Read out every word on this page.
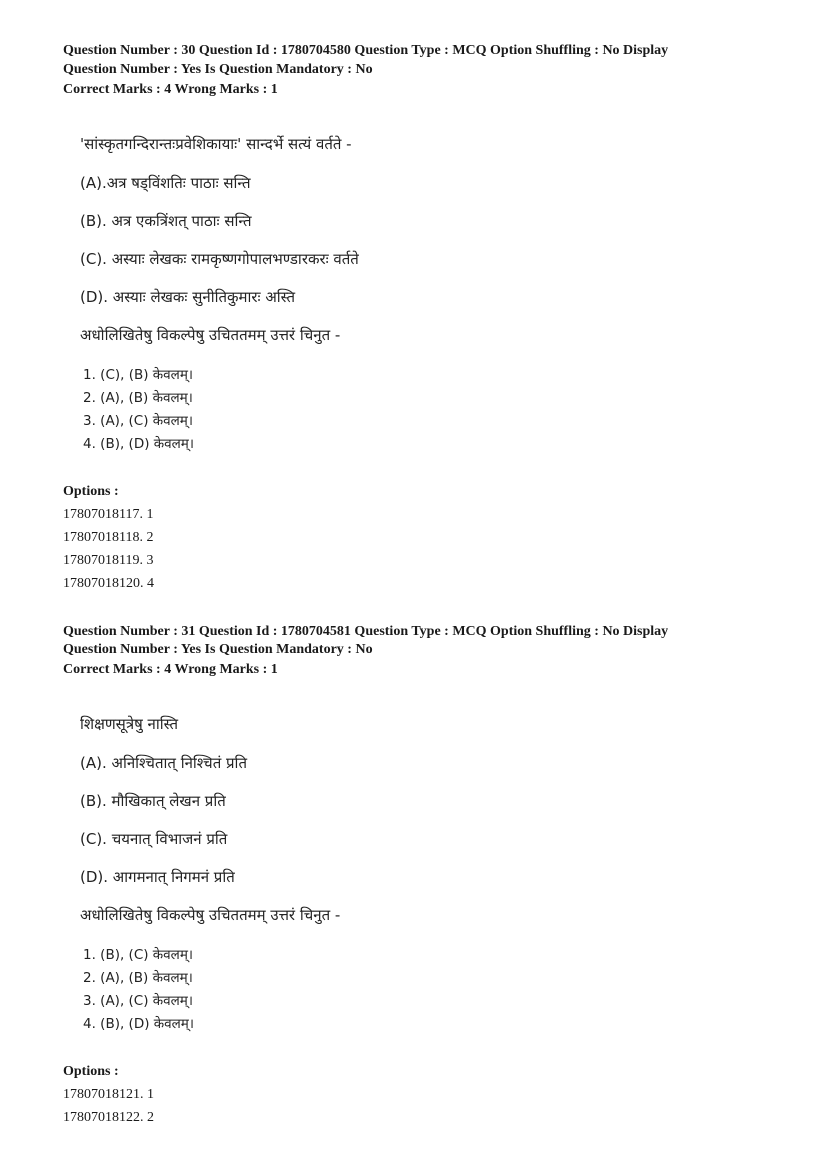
Question Number : 30 Question Id : 1780704580 Question Type : MCQ Option Shuffling : No Display
Question Number : Yes Is Question Mandatory : No
Correct Marks : 4 Wrong Marks : 1
'सांस्कृतगन्दिरान्तःप्रवेशिकायाः' सान्दर्भे सत्यं वर्तते -
(A).अत्र षड्विंशतिः पाठाः सन्ति
(B). अत्र एकत्रिंशत् पाठाः सन्ति
(C). अस्याः लेखकः रामकृष्णगोपालभण्डारकरः वर्तते
(D). अस्याः लेखकः सुनीतिकुमारः अस्ति
अधोलिखितेषु विकल्पेषु उचिततमम् उत्तरं चिनुत -
1. (C), (B) केवलम्।
2. (A), (B) केवलम्।
3. (A), (C) केवलम्।
4. (B), (D) केवलम्।
Options :
17807018117. 1
17807018118. 2
17807018119. 3
17807018120. 4
Question Number : 31 Question Id : 1780704581 Question Type : MCQ Option Shuffling : No Display
Question Number : Yes Is Question Mandatory : No
Correct Marks : 4 Wrong Marks : 1
शिक्षणसूत्रेषु नास्ति
(A). अनिश्चितात् निश्चितं प्रति
(B). मौखिकात् लेखन प्रति
(C). चयनात् विभाजनं प्रति
(D). आगमनात् निगमनं प्रति
अधोलिखितेषु विकल्पेषु उचिततमम् उत्तरं चिनुत -
1. (B), (C) केवलम्।
2. (A), (B) केवलम्।
3. (A), (C) केवलम्।
4. (B), (D) केवलम्।
Options :
17807018121. 1
17807018122. 2
